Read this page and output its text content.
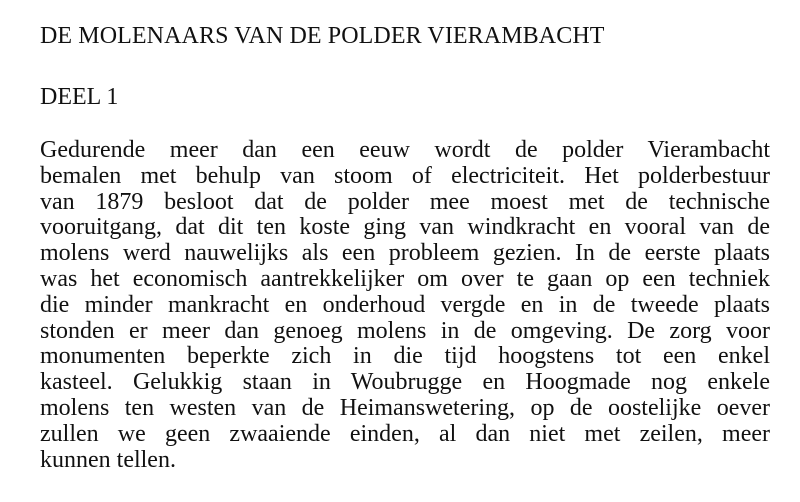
DE MOLENAARS VAN DE POLDER VIERAMBACHT
DEEL 1
Gedurende meer dan een eeuw wordt de polder Vierambacht
bemalen met behulp van stoom of electriciteit. Het polderbestuur
van 1879 besloot dat de polder mee moest met de technische
vooruitgang, dat dit ten koste ging van windkracht en vooral van de
molens werd nauwelijks als een probleem gezien. In de eerste plaats
was het economisch aantrekkelijker om over te gaan op een techniek
die minder mankracht en onderhoud vergde en in de tweede plaats
stonden er meer dan genoeg molens in de omgeving. De zorg voor
monumenten beperkte zich in die tijd hoogstens tot een enkel
kasteel. Gelukkig staan in Woubrugge en Hoogmade nog enkele
molens ten westen van de Heimanswetering, op de oostelijke oever
zullen we geen zwaaiende einden, al dan niet met zeilen, meer
kunnen tellen.
